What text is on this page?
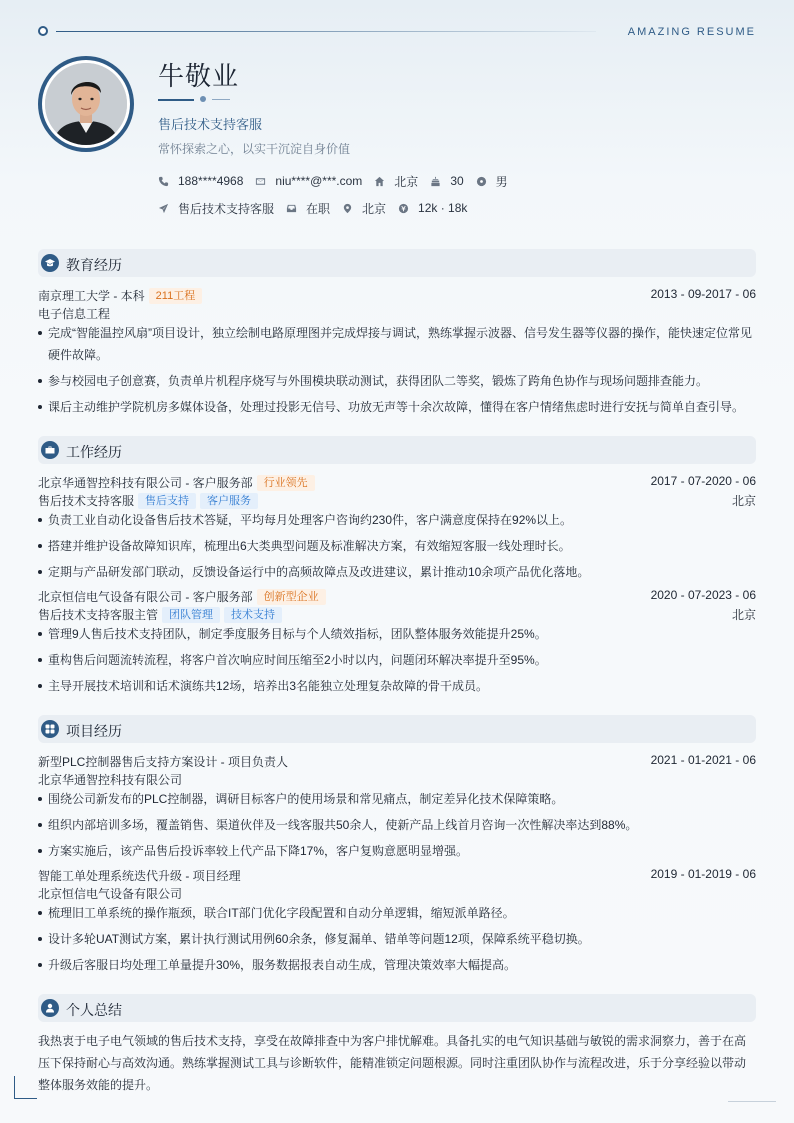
AMAZING RESUME
牛敬业
售后技术支持客服
常怀探索之心，以实干沉淀自身价值
188****4968	niu****@***.com	北京	30	男
售后技术支持客服	在职	北京	12k · 18k
教育经历
南京理工大学 - 本科	211工程	2013 - 09-2017 - 06
电子信息工程
完成“智能温控风扇”项目设计，独立绘制电路原理图并完成焊接与调试，熟练掌握示波器、信号发生器等仪器的操作，能快速定位常见硬件故障。
参与校园电子创意赛，负责单片机程序烧写与外围模块联动测试，获得团队二等奖，锻炼了跨角色协作与现场问题排查能力。
课后主动维护学院机房多媒体设备，处理过投影无信号、功放无声等十余次故障，懂得在客户情绪焦虑时进行安抚与简单自查引导。
工作经历
北京华通智控科技有限公司 - 客户服务部	行业领先	2017 - 07-2020 - 06
售后技术支持客服	售后支持	客户服务	北京
负责工业自动化设备售后技术答疑，平均每月处理客户咨询约230件，客户满意度保持在92%以上。
搭建并维护设备故障知识库，梳理出6大类典型问题及标准解决方案，有效缩短客服一线处理时长。
定期与产品研发部门联动，反馈设备运行中的高频故障点及改进建议，累计推动10余项产品优化落地。
北京恒信电气设备有限公司 - 客户服务部	创新型企业	2020 - 07-2023 - 06
售后技术支持客服主管	团队管理	技术支持	北京
管理9人售后技术支持团队，制定季度服务目标与个人绩效指标，团队整体服务效能提升25%。
重构售后问题流转流程，将客户首次响应时间压缩至2小时以内，问题闭环解决率提升至95%。
主导开展技术培训和话术演练共12场，培养出3名能独立处理复杂故障的骨干成员。
项目经历
新型PLC控制器售后支持方案设计 - 项目负责人	2021 - 01-2021 - 06
北京华通智控科技有限公司
围绕公司新发布的PLC控制器，调研目标客户的使用场景和常见痛点，制定差异化技术保障策略。
组织内部培训多场，覆盖销售、渠道伙伴及一线客服共50余人，使新产品上线首月咨询一次性解决率达到88%。
方案实施后，该产品售后投诉率较上代产品下降17%，客户复购意愿明显增强。
智能工单处理系统迭代升级 - 项目经理	2019 - 01-2019 - 06
北京恒信电气设备有限公司
梳理旧工单系统的操作瓶颈，联合IT部门优化字段配置和自动分单逻辑，缩短派单路径。
设计多轮UAT测试方案，累计执行测试用例60余条，修复漏单、错单等问题12项，保障系统平稳切换。
升级后客服日均处理工单量提升30%，服务数据报表自动生成，管理决策效率大幅提高。
个人总结
我热衷于电子电气领域的售后技术支持，享受在故障排查中为客户排忧解难。具备扎实的电气知识基础与敏锐的需求洞察力，善于在高压下保持耐心与高效沟通。熟练掌握测试工具与诊断软件，能精准锁定问题根源。同时注重团队协作与流程改进，乐于分享经验以带动整体服务效能的提升。
